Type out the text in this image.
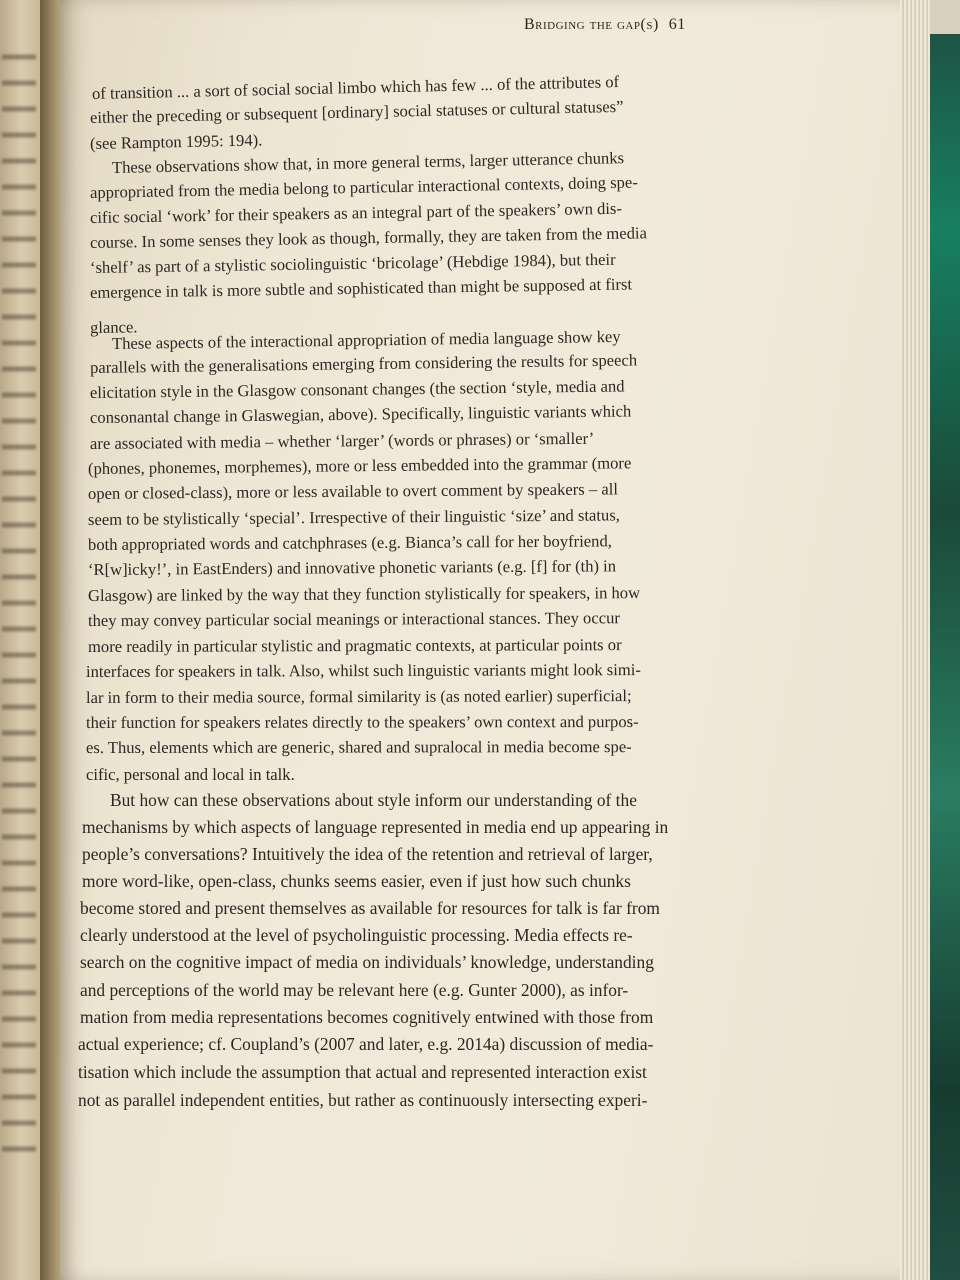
Bridging the gap(s) 61
of transition ... a sort of social social limbo which has few ... of the attributes of
either the preceding or subsequent [ordinary] social statuses or cultural statuses”
(see Rampton 1995: 194).
These observations show that, in more general terms, larger utterance chunks
appropriated from the media belong to particular interactional contexts, doing spe-
cific social ‘work’ for their speakers as an integral part of the speakers’ own dis-
course. In some senses they look as though, formally, they are taken from the media
‘shelf’ as part of a stylistic sociolinguistic ‘bricolage’ (Hebdige 1984), but their
emergence in talk is more subtle and sophisticated than might be supposed at first
glance.
These aspects of the interactional appropriation of media language show key
parallels with the generalisations emerging from considering the results for speech
elicitation style in the Glasgow consonant changes (the section ‘style, media and
consonantal change in Glaswegian, above). Specifically, linguistic variants which
are associated with media – whether ‘larger’ (words or phrases) or ‘smaller’
(phones, phonemes, morphemes), more or less embedded into the grammar (more
open or closed-class), more or less available to overt comment by speakers – all
seem to be stylistically ‘special’. Irrespective of their linguistic ‘size’ and status,
both appropriated words and catchphrases (e.g. Bianca’s call for her boyfriend,
‘R[w]icky!’, in EastEnders) and innovative phonetic variants (e.g. [f] for (th) in
Glasgow) are linked by the way that they function stylistically for speakers, in how
they may convey particular social meanings or interactional stances. They occur
more readily in particular stylistic and pragmatic contexts, at particular points or
interfaces for speakers in talk. Also, whilst such linguistic variants might look simi-
lar in form to their media source, formal similarity is (as noted earlier) superficial;
their function for speakers relates directly to the speakers’ own context and purpos-
es. Thus, elements which are generic, shared and supralocal in media become spe-
cific, personal and local in talk.
But how can these observations about style inform our understanding of the
mechanisms by which aspects of language represented in media end up appearing in
people’s conversations? Intuitively the idea of the retention and retrieval of larger,
more word-like, open-class, chunks seems easier, even if just how such chunks
become stored and present themselves as available for resources for talk is far from
clearly understood at the level of psycholinguistic processing. Media effects re-
search on the cognitive impact of media on individuals’ knowledge, understanding
and perceptions of the world may be relevant here (e.g. Gunter 2000), as infor-
mation from media representations becomes cognitively entwined with those from
actual experience; cf. Coupland’s (2007 and later, e.g. 2014a) discussion of media-
tisation which include the assumption that actual and represented interaction exist
not as parallel independent entities, but rather as continuously intersecting experi-
